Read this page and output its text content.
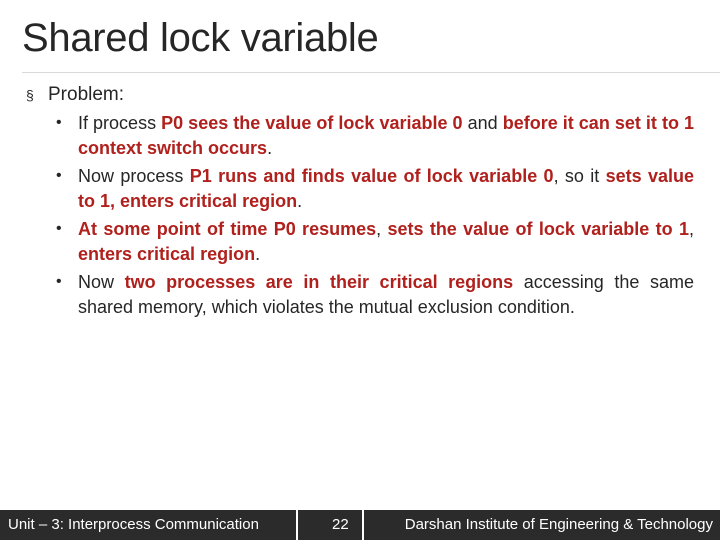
Shared lock variable
§ Problem:
• If process P0 sees the value of lock variable 0 and before it can set it to 1 context switch occurs.
• Now process P1 runs and finds value of lock variable 0, so it sets value to 1, enters critical region.
• At some point of time P0 resumes, sets the value of lock variable to 1, enters critical region.
• Now two processes are in their critical regions accessing the same shared memory, which violates the mutual exclusion condition.
Unit – 3: Interprocess Communication	22	Darshan Institute of Engineering & Technology
